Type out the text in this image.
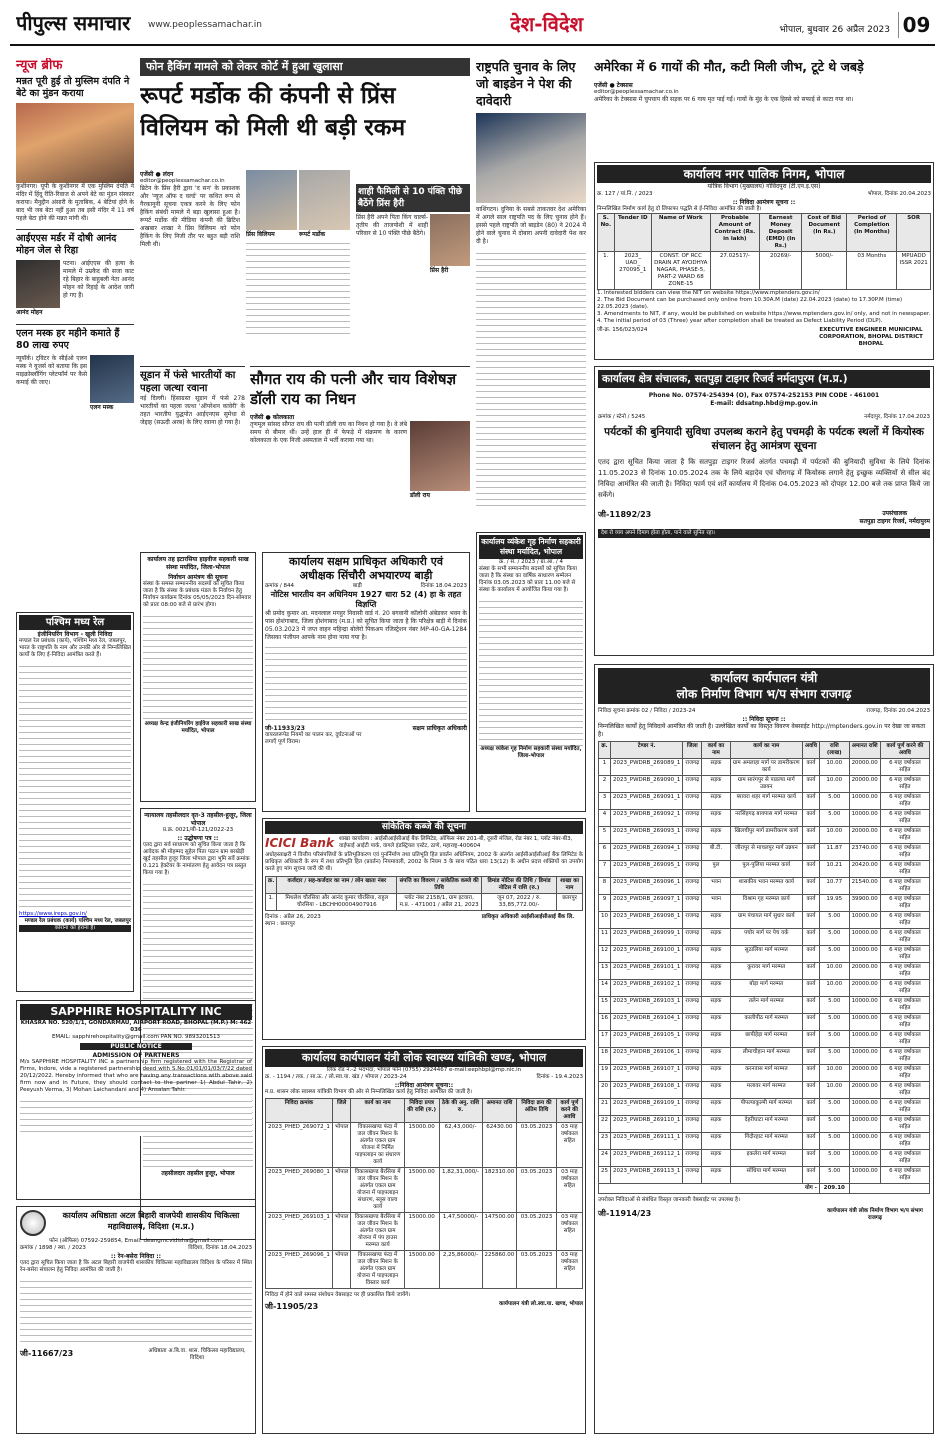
पीपुल्स समाचार	www.peoplessamachar.in	देश-विदेश	भोपाल, बुधवार 26 अप्रैल 2023 09
न्यूज ब्रीफ
मन्नत पूरी हुई तो मुस्लिम दंपति ने बेटे का मुंडन कराया

कुशीनगर। यूपी के कुशीनगर में एक मुस्लिम दंपति ने मंदिर में हिंदू रीति-रिवाज से अपने बेटे का मुंडन संस्कार कराया। मैनुद्दीन अंसारी के मुताबिक, 4 बेटियां होने के बाद भी जब बेटा नहीं हुआ तब इसी मंदिर में 11 वर्ष पहले बेटा होने की मन्नत मांगी थी।

आईएएस मर्डर में दोषी आनंद मोहन जेल से रिहा
आनंद मोहन

पटना। आईएएस की हत्या के मामले में उम्रकैद की सजा काट रहे बिहार के बाहुबली नेता आनंद मोहन को रिहाई के आदेश जारी हो गए हैं।

एलन मस्क हर महीने कमाते हैं 80 लाख रुपए

न्यूयॉर्क। ट्विटर के सीईओ एलन मस्क ने यूजर्स को बताया कि इस माइक्रोब्लॉगिंग प्लेटफॉर्म पर कैसे कमाई की जाए।

एलन मस्क
फोन हैकिंग मामले को लेकर कोर्ट में हुआ खुलासा
रूपर्ट मर्डोक की कंपनी से प्रिंस विलियम को मिली थी बड़ी रकम
एजेंसी ● लंदन
editor@peoplessamachar.co.in

ब्रिटेन के प्रिंस हैरी द्वारा 'द सन' के प्रकाशक और 'न्यूज ऑफ द वर्ल्ड' पर कथित रूप से गैरकानूनी सूचना एकत्र करने के लिए फोन हैकिंग संबंधी मामले में बड़ा खुलासा हुआ है। रूपर्ट मर्डोक की मीडिया कंपनी की ब्रिटिश अखबार शाखा ने प्रिंस विलियम को फोन हैकिंग के लिए निजी तौर पर बहुत बड़ी राशि मिली थी।

प्रिंस विलियम	रूपर्ट मर्डोक

शाही फैमिली से 10 पंक्ति पीछे बैठेंगे प्रिंस हैरी

प्रिंस हैरी अपने पिता किंग चार्ल्स-तृतीय की ताजपोशी में शाही परिवार से 10 पंक्ति पीछे बैठेंगे।

प्रिंस हैरी
सूडान में फंसे भारतीयों का पहला जत्था रवाना

नई दिल्ली। हिंसाग्रस्त सूडान में फंसे 278 भारतीयों का पहला जत्था 'ऑपरेशन कावेरी' के तहत भारतीय युद्धपोत आईएनएस सुमेधा से जेद्दाह (सऊदी अरब) के लिए रवाना हो गया है।

सौगत राय की पत्नी और चाय विशेषज्ञ डॉली राय का निधन
एजेंसी ● कोलकाता

तृणमूल सांसद सौगत राय की पत्नी डॉली राय का निधन हो गया है। वे लंबे समय से बीमार थीं। उन्हें हाल ही में फेफड़े में संक्रमण के कारण कोलकाता के एक निजी अस्पताल में भर्ती कराया गया था।

डॉली राय
राष्ट्रपति चुनाव के लिए जो बाइडेन ने पेश की दावेदारी

वाशिंगटन। दुनिया के सबसे ताकतवर देश अमेरिका में अगले साल राष्ट्रपति पद के लिए चुनाव होने हैं। इससे पहले राष्ट्रपति जो बाइडेन (80) ने 2024 में होने वाले चुनाव में दोबारा अपनी दावेदारी पेश कर दी है।

अमेरिका में 6 गायों की मौत, कटी मिली जीभ, टूटे थे जबड़े
एजेंसी ● टेक्सास
editor@peoplessamachar.co.in

अमेरिका के टेक्सास में चुपचाप की सड़क पर 6 गाय मृत पाई गईं। गायों के मुंह के एक हिस्से को सफाई से काटा गया था।

कार्यालय नगर पालिक निगम, भोपाल
यांत्रिक विभाग (मुख्यालय) गोविंदपुरा (टी.एन.इ.एस)
क्र. 127 / यां.नि. / 2023	भोपाल, दिनांक 20.04.2023
:: निविदा आमंत्रण सूचना ::
निम्नलिखित निर्माण कार्य हेतु दो लिफाफा पद्धति से ई-निविदा आमंत्रित की जाती है।
S. No.	Tender ID	Name of Work	Probable Amount of Contract (Rs. in lakh)	Earnest Money Deposit (EMD) (In Rs.)	Cost of Bid Document (In Rs.)	Period of Completion (In Months)	SOR
1.	2023_ UAD_ 270095_1	CONST. OF RCC DRAIN AT AYODHYA NAGAR, PHASE-5, PART-2 WARD 68 ZONE-15	27.02517/-	20269/-	5000/-	03 Months	MPUADD ISSR 2021
1. Interested bidders can view the NIT on website https://www.mptenders.gov.in/
2. The Bid Document can be purchased only online from 10.30A.M (date) 22.04.2023 (date) to 17.30P.M (time) 22.05.2023 (date).
3. Amendments to NIT, if any, would be published on website https://www.mptenders.gov.in/ only, and not in newspaper.
4. The initial period of 03 (Three) year after completion shall be treated as Defect Liability Period (DLP).
जी-क्र. 156/023/024	EXECUTIVE ENGINEER MUNICIPAL CORPORATION, BHOPAL DISTRICT BHOPAL
कार्यालय क्षेत्र संचालक, सतपुड़ा टाइगर रिजर्व नर्मदापुरम (म.प्र.)
Phone No. 07574-254394 (O), Fax 07574-252153 PIN CODE - 461001
E-mail: ddsatnp.hbd@mp.gov.in
क्रमांक / स्टेनो / 5245	नर्मदापुर, दिनांक 17.04.2023
पर्यटकों की बुनियादी सुविधा उपलब्ध कराने हेतु पचमढ़ी के पर्यटक स्थलों में कियोस्क संचालन हेतु आमंत्रण सूचना

एतद द्वारा सूचित किया जाता है कि सतपुड़ा टाइगर रिजर्व अंतर्गत पचमढ़ी में पर्यटकों की बुनियादी सुविधा के लिये दिनांक 11.05.2023 से दिनांक 10.05.2024 तक के लिये बड़ादेव एवं चौरागढ़ में कियोस्क लगाने हेतु इच्छुक व्यक्तियों से सील बंद निविदा आमंत्रित की जाती है। निविदा फार्म एवं शर्तें कार्यालय में दिनांक 04.05.2023 को दोपहर 12.00 बजे तक प्राप्त किये जा सकेंगे।

जी-11892/23	उपसंचालक
सतपुड़ा टाइगर रिजर्व, नर्मदापुरम
देश रो व्यय अपने दिमाग होता होता, पाने वाले सुनित रहा।
कार्यालय कार्यपालन यंत्री
लोक निर्माण विभाग भ/प संभाग राजगढ़
निविदा सूचना क्रमांक 02 / निविदा / 2023-24	राजगढ़, दिनांक 20.04.2023
:: निविदा सूचना ::
निम्नलिखित कार्यों हेतु निविदायें आमंत्रित की जाती है। उल्लेखित कार्यों का विस्तृत विवरण वेबसाईट http://mptenders.gov.in पर देखा जा सकता है।
क्र.	टेण्डर नं.	जिला	कार्य का नाम	कार्य का नाम	अवधि	राशि (लाख)	अमानत राशि	कार्य पूर्ण करने की अवधि
1	2023_PWDRB_269089_1	राजगढ़	सड़क	ग्राम अमलाहा मार्ग पर डामरीकरण कार्य	कार्य	10.00	20000.00	6 माह वर्षाकाल सहित
2	2023_PWDRB_269090_1	राजगढ़	सड़क	ग्राम सारंगपुर से पाडल्या मार्ग उन्नयन	कार्य	10.00	20000.00	6 माह वर्षाकाल सहित
3	2023_PWDRB_269091_1	राजगढ़	सड़क	ब्यावरा शहर मार्ग मरम्मत कार्य	कार्य	5.00	10000.00	6 माह वर्षाकाल सहित
4	2023_PWDRB_269092_1	राजगढ़	सड़क	नरसिंहगढ़ बायपास मार्ग मरम्मत	कार्य	5.00	10000.00	6 माह वर्षाकाल सहित
5	2023_PWDRB_269093_1	राजगढ़	सड़क	खिलचीपुर मार्ग डामरीकरण कार्य	कार्य	10.00	20000.00	6 माह वर्षाकाल सहित
6	2023_PWDRB_269094_1	राजगढ़	बी.टी.	जीरापुर से माचलपुर मार्ग उन्नयन	कार्य	11.87	23740.00	6 माह वर्षाकाल सहित
7	2023_PWDRB_269095_1	राजगढ़	पुल	पुल-पुलिया मरम्मत कार्य	कार्य	10.21	20420.00	6 माह वर्षाकाल सहित
8	2023_PWDRB_269096_1	राजगढ़	भवन	शासकीय भवन मरम्मत कार्य	कार्य	10.77	21540.00	6 माह वर्षाकाल सहित
9	2023_PWDRB_269097_1	राजगढ़	भवन	विश्राम गृह मरम्मत कार्य	कार्य	19.95	39900.00	6 माह वर्षाकाल सहित
10	2023_PWDRB_269098_1	राजगढ़	सड़क	ग्राम पंचायत मार्ग सुधार कार्य	कार्य	5.00	10000.00	6 माह वर्षाकाल सहित
11	2023_PWDRB_269099_1	राजगढ़	सड़क	पचोर मार्ग पर पेच वर्क	कार्य	5.00	10000.00	6 माह वर्षाकाल सहित
12	2023_PWDRB_269100_1	राजगढ़	सड़क	सुठालिया मार्ग मरम्मत	कार्य	5.00	10000.00	6 माह वर्षाकाल सहित
13	2023_PWDRB_269101_1	राजगढ़	सड़क	कुरावर मार्ग मरम्मत	कार्य	10.00	20000.00	6 माह वर्षाकाल सहित
14	2023_PWDRB_269102_1	राजगढ़	सड़क	बोड़ा मार्ग मरम्मत	कार्य	10.00	20000.00	6 माह वर्षाकाल सहित
15	2023_PWDRB_269103_1	राजगढ़	सड़क	तलेन मार्ग मरम्मत	कार्य	5.00	10000.00	6 माह वर्षाकाल सहित
16	2023_PWDRB_269104_1	राजगढ़	सड़क	कालीपीठ मार्ग मरम्मत	कार्य	5.00	10000.00	6 माह वर्षाकाल सहित
17	2023_PWDRB_269105_1	राजगढ़	सड़क	छापीहेड़ा मार्ग मरम्मत	कार्य	5.00	10000.00	6 माह वर्षाकाल सहित
18	2023_PWDRB_269106_1	राजगढ़	सड़क	लीमाचौहान मार्ग मरम्मत	कार्य	5.00	10000.00	6 माह वर्षाकाल सहित
19	2023_PWDRB_269107_1	राजगढ़	सड़क	करनवास मार्ग मरम्मत	कार्य	10.00	20000.00	6 माह वर्षाकाल सहित
20	2023_PWDRB_269108_1	राजगढ़	सड़क	मलावर मार्ग मरम्मत	कार्य	10.00	20000.00	6 माह वर्षाकाल सहित
21	2023_PWDRB_269109_1	राजगढ़	सड़क	पीपल्याकुल्मी मार्ग मरम्मत	कार्य	5.00	10000.00	6 माह वर्षाकाल सहित
22	2023_PWDRB_269110_1	राजगढ़	सड़क	देहरीघाटा मार्ग मरम्मत	कार्य	5.00	10000.00	6 माह वर्षाकाल सहित
23	2023_PWDRB_269111_1	राजगढ़	सड़क	गिंदौरहाट मार्ग मरम्मत	कार्य	5.00	10000.00	6 माह वर्षाकाल सहित
24	2023_PWDRB_269112_1	राजगढ़	सड़क	इकलेरा मार्ग मरम्मत	कार्य	5.00	10000.00	6 माह वर्षाकाल सहित
25	2023_PWDRB_269113_1	राजगढ़	सड़क	सोंधिया मार्ग मरम्मत	कार्य	5.00	10000.00	6 माह वर्षाकाल सहित
योग -						209.10		
उपरोक्त निविदाओं से संबंधित विस्तृत जानकारी वेबसाईट पर उपलब्ध है।
जी-11914/23	कार्यपालन यंत्री लोक निर्माण विभाग भ/प संभाग राजगढ़
पश्चिम मध्य रेल
इंजीनियरिंग विभाग - ‍खुली निविदा
मण्डल रेल प्रबंधक (कार्य), पश्चिम मध्य रेल, जबलपुर, भारत के राष्ट्रपति के नाम और उनकी ओर से निम्नलिखित कार्यों के लिए ई-निविदा आमंत्रित करते हैं।
https://www.ireps.gov.in/
मण्डल रेल प्रबंधक (कार्य) पश्चिम मध्य रेल, जबलपुर
कोरोना को हराना है।
कार्यालय तह इटारसिया हाइवीज सहकारी साख संस्था मर्यादित, जिला-भोपाल
निर्वाचन आमंत्रण की सूचना
संस्था के समस्त सम्माननीय सदस्यों को सूचित किया जाता है कि संस्था के प्रबंधक मंडल के निर्वाचन हेतु निर्वाचन कार्यक्रम दिनांक 05/05/2023 दिन-सोमवार को प्रातः 08:00 बजे से प्रारंभ होगा।
अध्यक्ष केन्द्र इंजीनियरिंग हाईवेज सहकारी साख संस्था मर्यादित, भोपाल
न्यायालय तहसीलदार वृत-3 तहसील-हुजूर, जिला भोपाल
प्र.क्र. 0021/बी-121/2022-23
:: उद्घोषणा पत्र ::
एतद द्वारा सर्व साधारण को सूचित किया जाता है कि आवेदक श्री मोहम्मद सुहेल पिता पठान ग्राम बरखेड़ी खुर्द तहसील हुजूर जिला भोपाल द्वारा भूमि सर्वे क्रमांक 0.121 हेक्टेयर के नामांतरण हेतु आवेदन पत्र प्रस्तुत किया गया है।
तहसीलदार तहसील हुजूर, भोपाल
कार्यालय सक्षम प्राधिकृत अधिकारी एवं
अधीक्षक सिंचौरी अभयारण्य बाड़ी
क्रमांक / 844	बाड़ी	दिनांक 18.04.2023
नोटिस भारतीय वन अधिनियम 1927 धारा 52 (4) हा के तहत विज्ञप्ति

श्री प्रमोद कुमार आ. मदनलाल मगहुर निवासी वार्ड नं. 20 बगवानी कॉलोनी अंबेडकर भवन के पास होशंगाबाद, जिला होशंगाबाद (म.प्र.) को सूचित किया जाता है कि परिक्षेत्र बाड़ी में दिनांक 05.03.2023 में जप्त वाहन महिन्द्रा बोलेरो पिकअप रजिस्ट्रेशन नंबर MP-40-GA-1284 जिसका पंजीयन आपके नाम होना पाया गया है।

जी-11933/23
वायरलरूपेड नियमों का पालन कर, दुर्घटनाओं पर लगाएँ पूर्ण विराम।
सक्षम प्राधिकृत अधिकारी
कार्यालय व्यंकेश गृह निर्माण सहकारी संस्था मर्यादित, भोपाल
क्र. / सं. / 2023 / ग्रा.आ. / 4
संस्था के सभी सम्माननीय सदस्यों को सूचित किया जाता है कि संस्था का वार्षिक साधारण सम्मेलन दिनांक 03.05.2023 को प्रातः 11.00 बजे से संस्था के कार्यालय में आयोजित किया गया है।
अध्यक्ष व्यंकेश गृह निर्माण सहकारी संस्था मर्यादित, जिला-भोपाल
सांकेतिक कब्जे की सूचना
ICICI Bank शाखा कार्यालय : आईसीआईसीआई बैंक लिमिटेड, ऑफिस नंबर 201-बी, दूसरी मंजिल, रोड नंबर 1, प्लॉट नंबर-बी3, वाईफाई आईटी पार्क, वागले इंडस्ट्रियल एस्टेट, ठाणे, महाराष्ट्र-400604
अधोहस्ताक्षरी ने वित्तीय परिसंपत्तियों के प्रतिभूतिकरण एवं पुनर्निर्माण तथा प्रतिभूति हित प्रवर्तन अधिनियम, 2002 के अंतर्गत आईसीआईसीआई बैंक लिमिटेड के प्राधिकृत अधिकारी के रूप में तथा प्रतिभूति हित (प्रवर्तन) नियमावली, 2002 के नियम 3 के साथ पठित धारा 13(12) के अधीन प्रदत्त शक्तियों का उपयोग करते हुए मांग सूचना जारी की थी।
क्र.	कर्जदार / सह-कर्जदार का नाम / लोन खाता नंबर	संपत्ति का विवरण / सांकेतिक कब्जे की तिथि	डिमांड नोटिस की तिथि / डिमांड नोटिस में राशि (रु.)	शाखा का नाम
1.	मिथलेश चौरसिया और आनंद कुमार चौरसिया, राहुल चौरसिया - LBCHH00004907916	प्लॉट नंबर 2158/1, ग्राम इटवारा, म.प्र. - 471001 / अप्रैल 21, 2023	जून 07, 2022 / रु. 33,85,772.00/-	छतरपुर
दिनांक : अप्रैल 26, 2023
स्थान : छतरपुर
प्राधिकृत अधिकारी आईसीआईसीआई बैंक लि.
कार्यालय कार्यपालन यंत्री लोक स्वास्थ्य यांत्रिकी खण्ड, भोपाल
लिंक रोड नं.-2 भदभदा, भोपाल फोन (0755) 2924467 e-mail:eephbpl@mp.nic.in
क्र. - 1194 / तक. / सा.ऊ. / लो.स्वा.या. खंड / भोपाल / 2023-24	दिनांक - 19.4.2023
::निविदा आमंत्रण सूचना::
म.प्र. शासन लोक स्वास्थ्य यांत्रिकी विभाग की ओर से निम्नलिखित कार्य हेतु निविदा आमंत्रित की जाती है।
निविदा क्रमांक	जिले	कार्य का नाम	निविदा प्रपत्र की राशि (रु.)	ठेके की अनु. राशि रु.	अमानत राशि	निविदा क्रय की अंतिम तिथि	कार्य पूर्ण करने की अवधि
2023_PHED_269072_1	भोपाल	विकासखण्ड फंदा में जल जीवन मिशन के अंतर्गत एकल ग्राम योजना में निर्मित पाइपलाइन का संधारण कार्य	15000.00	62,43,000/-	62430.00	03.05.2023	03 माह वर्षाकाल सहित
2023_PHED_269080_1	भोपाल	विकासखण्ड बैरसिया में जल जीवन मिशन के अंतर्गत एकल ग्राम योजना में पाइपलाइन संधारण, स्लूस वाल्व कार्य	15000.00	1,82,31,000/-	182310.00	03.05.2023	03 माह वर्षाकाल सहित
2023_PHED_269103_1	भोपाल	विकासखण्ड बैरसिया में जल जीवन मिशन के अंतर्गत एकल ग्राम योजना में पंप हाउस मरम्मत कार्य	15000.00	1,47,50000/-	147500.00	03.05.2023	03 माह वर्षाकाल सहित
2023_PHED_269096_1	भोपाल	विकासखण्ड फंदा में जल जीवन मिशन के अंतर्गत एकल ग्राम योजना में पाइपलाइन विस्तार कार्य	15000.00	2,25,86000/-	225860.00	03.05.2023	03 माह वर्षाकाल सहित
निविदा में होने वाले समस्त संशोधन वेबसाइट पर ही प्रकाशित किये जायेंगे।
जी-11905/23	कार्यपालन यंत्री लो.स्वा.या. खण्ड, भोपाल
SAPPHIRE HOSPITALITY INC
KHASRA NO. 520/1/1, GONDARMAU, AIRPORT ROAD, BHOPAL (M.P.) M: 462 036
EMAIL: sapphirehospitality@gmail.com PAN NO. 9893201513
PUBLIC NOTICE
ADMISSION OF PARTNERS
M/s SAPPHIRE HOSPITALITY INC a partnership firm registered with the Registrar of Firms, Indore, vide a registered partnership deed with S.No.01/01/01/03/7/22 dated 20/12/2022. Hereby informed that who are having any transactions with above said firm now and in Future, they should contact to the partner 1) Abdul Tahir, 2) Peeyush Verma, 3) Mohan Laichandani and 4) Ansalan Tahir.
कार्यालय अधिष्ठाता अटल बिहारी वाजपेयी शासकीय चिकित्सा महाविद्यालय, विदिशा (म.प्र.)
फोन (ऑफिस) 07592-259854, Email: deangmcvidisha@gmail.com
क्रमांक / 1898 / स्था. / 2023	विदिशा, दिनांक 18.04.2023
:: रेन-बसेरा निविदा ::
एतद द्वारा सूचित किया जाता है कि अटल बिहारी वाजपेयी शासकीय चिकित्सा महाविद्यालय विदिशा के परिसर में स्थित रेन-बसेरा संचालन हेतु निविदा आमंत्रित की जाती है।
जी-11667/23	अधिष्ठाता अ.बि.वा. शास. चिकित्सा महाविद्यालय, विदिशा
